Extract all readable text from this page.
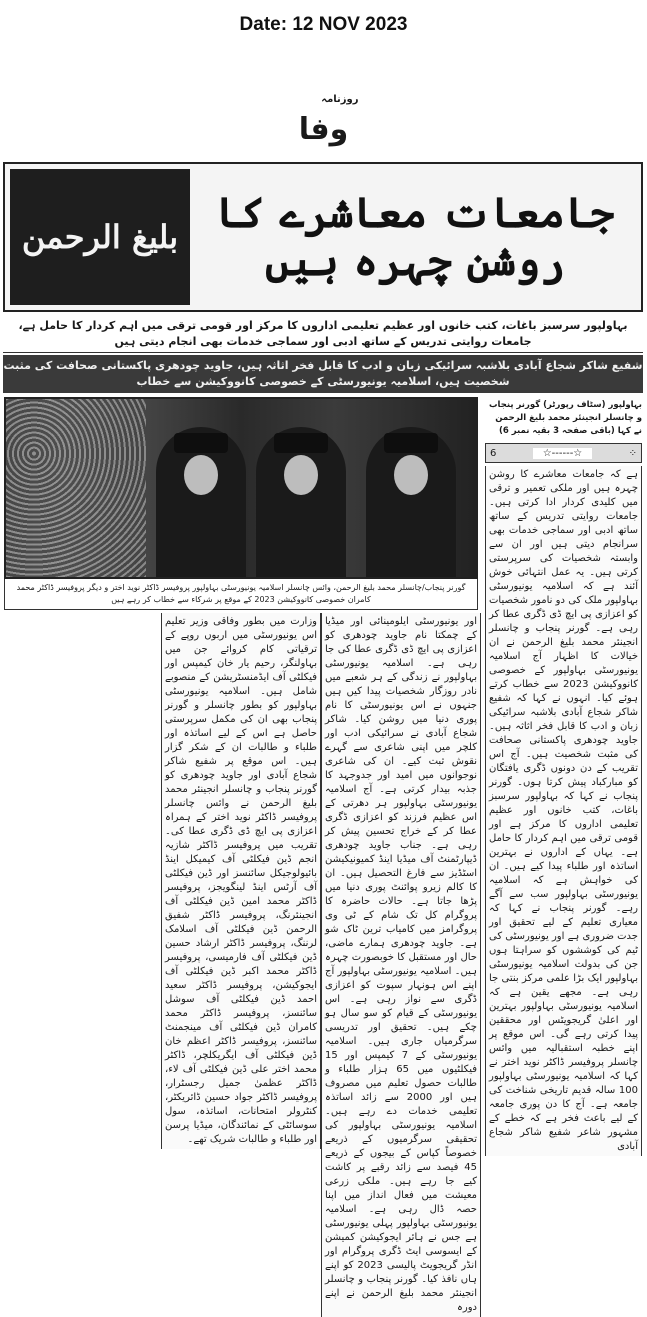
Date: 12 NOV 2023
روزنامہ
وفا
جامعات معاشرے کا روشن چہرہ ہیں
بلیغ الرحمن
بہاولپور سرسبز باغات، کتب خانوں اور عظیم تعلیمی اداروں کا مرکز اور قومی ترقی میں اہم کردار کا حامل ہے، جامعات روایتی تدریس کے ساتھ ادبی اور سماجی خدمات بھی انجام دیتی ہیں
شفیع شاکر شجاع آبادی بلاشبہ سرائیکی زبان و ادب کا قابل فخر اثاثہ ہیں، جاوید چودھری پاکستانی صحافت کی مثبت شخصیت ہیں، اسلامیہ یونیورسٹی کے خصوصی کانووکیشن سے خطاب
گورنر پنجاب/چانسلر محمد بلیغ الرحمن، وائس چانسلر اسلامیہ یونیورسٹی بہاولپور پروفیسر ڈاکٹر نوید اختر و دیگر پروفیسر ڈاکٹر محمد کامران خصوصی کانووکیشن 2023 کے موقع پر شرکاء سے خطاب کر رہے ہیں

وزارت میں بطور وفاقی وزیر تعلیم اس یونیورسٹی میں اربوں روپے کے ترقیاتی کام کروائے جن میں بہاولنگر، رحیم یار خان کیمپس اور فیکلٹی آف ایڈمنسٹریشن کے منصوبے شامل ہیں۔ اسلامیہ یونیورسٹی بہاولپور کو بطور چانسلر و گورنر پنجاب بھی ان کی مکمل سرپرستی حاصل ہے اس کے لیے اساتذہ اور طلباء و طالبات ان کے شکر گزار ہیں۔ اس موقع پر شفیع شاکر شجاع آبادی اور جاوید چودھری کو گورنر پنجاب و چانسلر انجینئر محمد بلیغ الرحمن نے وائس چانسلر پروفیسر ڈاکٹر نوید اختر کے ہمراہ اعزازی پی ایچ ڈی ڈگری عطا کی۔ تقریب میں پروفیسر ڈاکٹر شازیہ انجم ڈین فیکلٹی آف کیمیکل اینڈ بائیولوجیکل سائنسز اور ڈین فیکلٹی آف آرٹس اینڈ لینگویجز، پروفیسر ڈاکٹر محمد امین ڈین فیکلٹی آف انجینئرنگ، پروفیسر ڈاکٹر شفیق الرحمن ڈین فیکلٹی آف اسلامک لرننگ، پروفیسر ڈاکٹر ارشاد حسین ڈین فیکلٹی آف فارمیسی، پروفیسر ڈاکٹر محمد اکبر ڈین فیکلٹی آف ایجوکیشن، پروفیسر ڈاکٹر سعید احمد ڈین فیکلٹی آف سوشل سائنسز، پروفیسر ڈاکٹر محمد کامران ڈین فیکلٹی آف مینجمنٹ سائنسز، پروفیسر ڈاکٹر اعظم خان ڈین فیکلٹی آف ایگریکلچر، ڈاکٹر محمد اختر علی ڈین فیکلٹی آف لاء، ڈاکٹر عظمیٰ جمیل رجسٹرار، پروفیسر ڈاکٹر جواد حسین ڈائریکٹر، کنٹرولر امتحانات، اساتذہ، سول سوسائٹی کے نمائندگان، میڈیا پرسن اور طلباء و طالبات شریک تھے۔

اور یونیورسٹی ایلومینائی اور میڈیا کے چمکتا نام جاوید چودھری کو اعزازی پی ایچ ڈی ڈگری عطا کی جا رہی ہے۔ اسلامیہ یونیورسٹی بہاولپور نے زندگی کے ہر شعبے میں نادر روزگار شخصیات پیدا کیں ہیں جنہوں نے اس یونیورسٹی کا نام پوری دنیا میں روشن کیا۔ شاکر شجاع آبادی نے سرائیکی ادب اور کلچر میں اپنی شاعری سے گہرے نقوش ثبت کیے۔ ان کی شاعری نوجوانوں میں امید اور جدوجہد کا جذبہ بیدار کرتی ہے۔ آج اسلامیہ یونیورسٹی بہاولپور ہر دھرتی کے اس عظیم فرزند کو اعزازی ڈگری عطا کر کے خراج تحسین پیش کر رہی ہے۔ جناب جاوید چودھری ڈیپارٹمنٹ آف میڈیا اینڈ کمیونیکیشن اسٹڈیز سے فارغ التحصیل ہیں۔ ان کا کالم زیرو پوائنٹ پوری دنیا میں پڑھا جاتا ہے۔ حالات حاضرہ کا پروگرام کل تک شام کے ٹی وی پروگرامز میں کامیاب ترین ٹاک شو ہے۔ جاوید چودھری ہمارے ماضی، حال اور مستقبل کا خوبصورت چہرہ ہیں۔ اسلامیہ یونیورسٹی بہاولپور آج اپنے اس ہونہار سپوت کو اعزازی ڈگری سے نواز رہی ہے۔ اس یونیورسٹی کے قیام کو سو سال ہو چکے ہیں۔ تحقیق اور تدریسی سرگرمیاں جاری ہیں۔ اسلامیہ یونیورسٹی کے 7 کیمپس اور 15 فیکلٹیوں میں 65 ہزار طلباء و طالبات حصول تعلیم میں مصروف ہیں اور 2000 سے زائد اساتذہ تعلیمی خدمات دے رہے ہیں۔ اسلامیہ یونیورسٹی بہاولپور کی تحقیقی سرگرمیوں کے ذریعے خصوصاً کپاس کے بیجوں کے ذریعے 45 فیصد سے زائد رقبے پر کاشت کیے جا رہے ہیں۔ ملکی زرعی معیشت میں فعال انداز میں اپنا حصہ ڈال رہی ہے۔ اسلامیہ یونیورسٹی بہاولپور پہلی یونیورسٹی ہے جس نے ہائر ایجوکیشن کمیشن کے ایسوسی ایٹ ڈگری پروگرام اور انڈر گریجویٹ پالیسی 2023 کو اپنے ہاں نافذ کیا۔ گورنر پنجاب و چانسلر انجینئر محمد بلیغ الرحمن نے اپنے دورہ

بہاولپور (سٹاف رپورٹر) گورنر پنجاب و چانسلر انجینئر محمد بلیغ الرحمن نے کہا (باقی صفحہ 3 بقیہ نمبر 6)
6	☆------☆	⁘

ہے کہ جامعات معاشرے کا روشن چہرہ ہیں اور ملکی تعمیر و ترقی میں کلیدی کردار ادا کرتی ہیں۔ جامعات روایتی تدریس کے ساتھ ساتھ ادبی اور سماجی خدمات بھی سرانجام دیتی ہیں اور ان سے وابستہ شخصیات کی سرپرستی کرتی ہیں۔ یہ عمل انتہائی خوش آئند ہے کہ اسلامیہ یونیورسٹی بہاولپور ملک کی دو نامور شخصیات کو اعزازی پی ایچ ڈی ڈگری عطا کر رہی ہے۔ گورنر پنجاب و چانسلر انجینئر محمد بلیغ الرحمن نے ان خیالات کا اظہار آج اسلامیہ یونیورسٹی بہاولپور کے خصوصی کانووکیشن 2023 سے خطاب کرتے ہوئے کیا۔ انہوں نے کہا کہ شفیع شاکر شجاع آبادی بلاشبہ سرائیکی زبان و ادب کا قابل فخر اثاثہ ہیں۔ جاوید چودھری پاکستانی صحافت کی مثبت شخصیت ہیں۔ آج اس تقریب کے دن دونوں ڈگری یافتگان کو مبارکباد پیش کرتا ہوں۔ گورنر پنجاب نے کہا کہ بہاولپور سرسبز باغات، کتب خانوں اور عظیم تعلیمی اداروں کا مرکز ہے اور قومی ترقی میں اہم کردار کا حامل ہے۔ یہاں کے اداروں نے بہترین اساتذہ اور طلباء پیدا کیے ہیں۔ ان کی خواہش ہے کہ اسلامیہ یونیورسٹی بہاولپور سب سے آگے رہے۔ گورنر پنجاب نے کہا کہ معیاری تعلیم کے لیے تحقیق اور جدت ضروری ہے اور یونیورسٹی کی ٹیم کی کوششوں کو سراہتا ہوں جن کی بدولت اسلامیہ یونیورسٹی بہاولپور ایک بڑا علمی مرکز بنتی جا رہی ہے۔ مجھے یقین ہے کہ اسلامیہ یونیورسٹی بہاولپور بہترین اور اعلیٰ گریجویٹس اور محققین پیدا کرتی رہے گی۔ اس موقع پر اپنے خطبہ استقبالیہ میں وائس چانسلر پروفیسر ڈاکٹر نوید اختر نے کہا کہ اسلامیہ یونیورسٹی بہاولپور 100 سالہ قدیم تاریخی شناخت کی جامعہ ہے۔ آج کا دن پوری جامعہ کے لیے باعث فخر ہے کہ خطے کے مشہور شاعر شفیع شاکر شجاع آبادی
